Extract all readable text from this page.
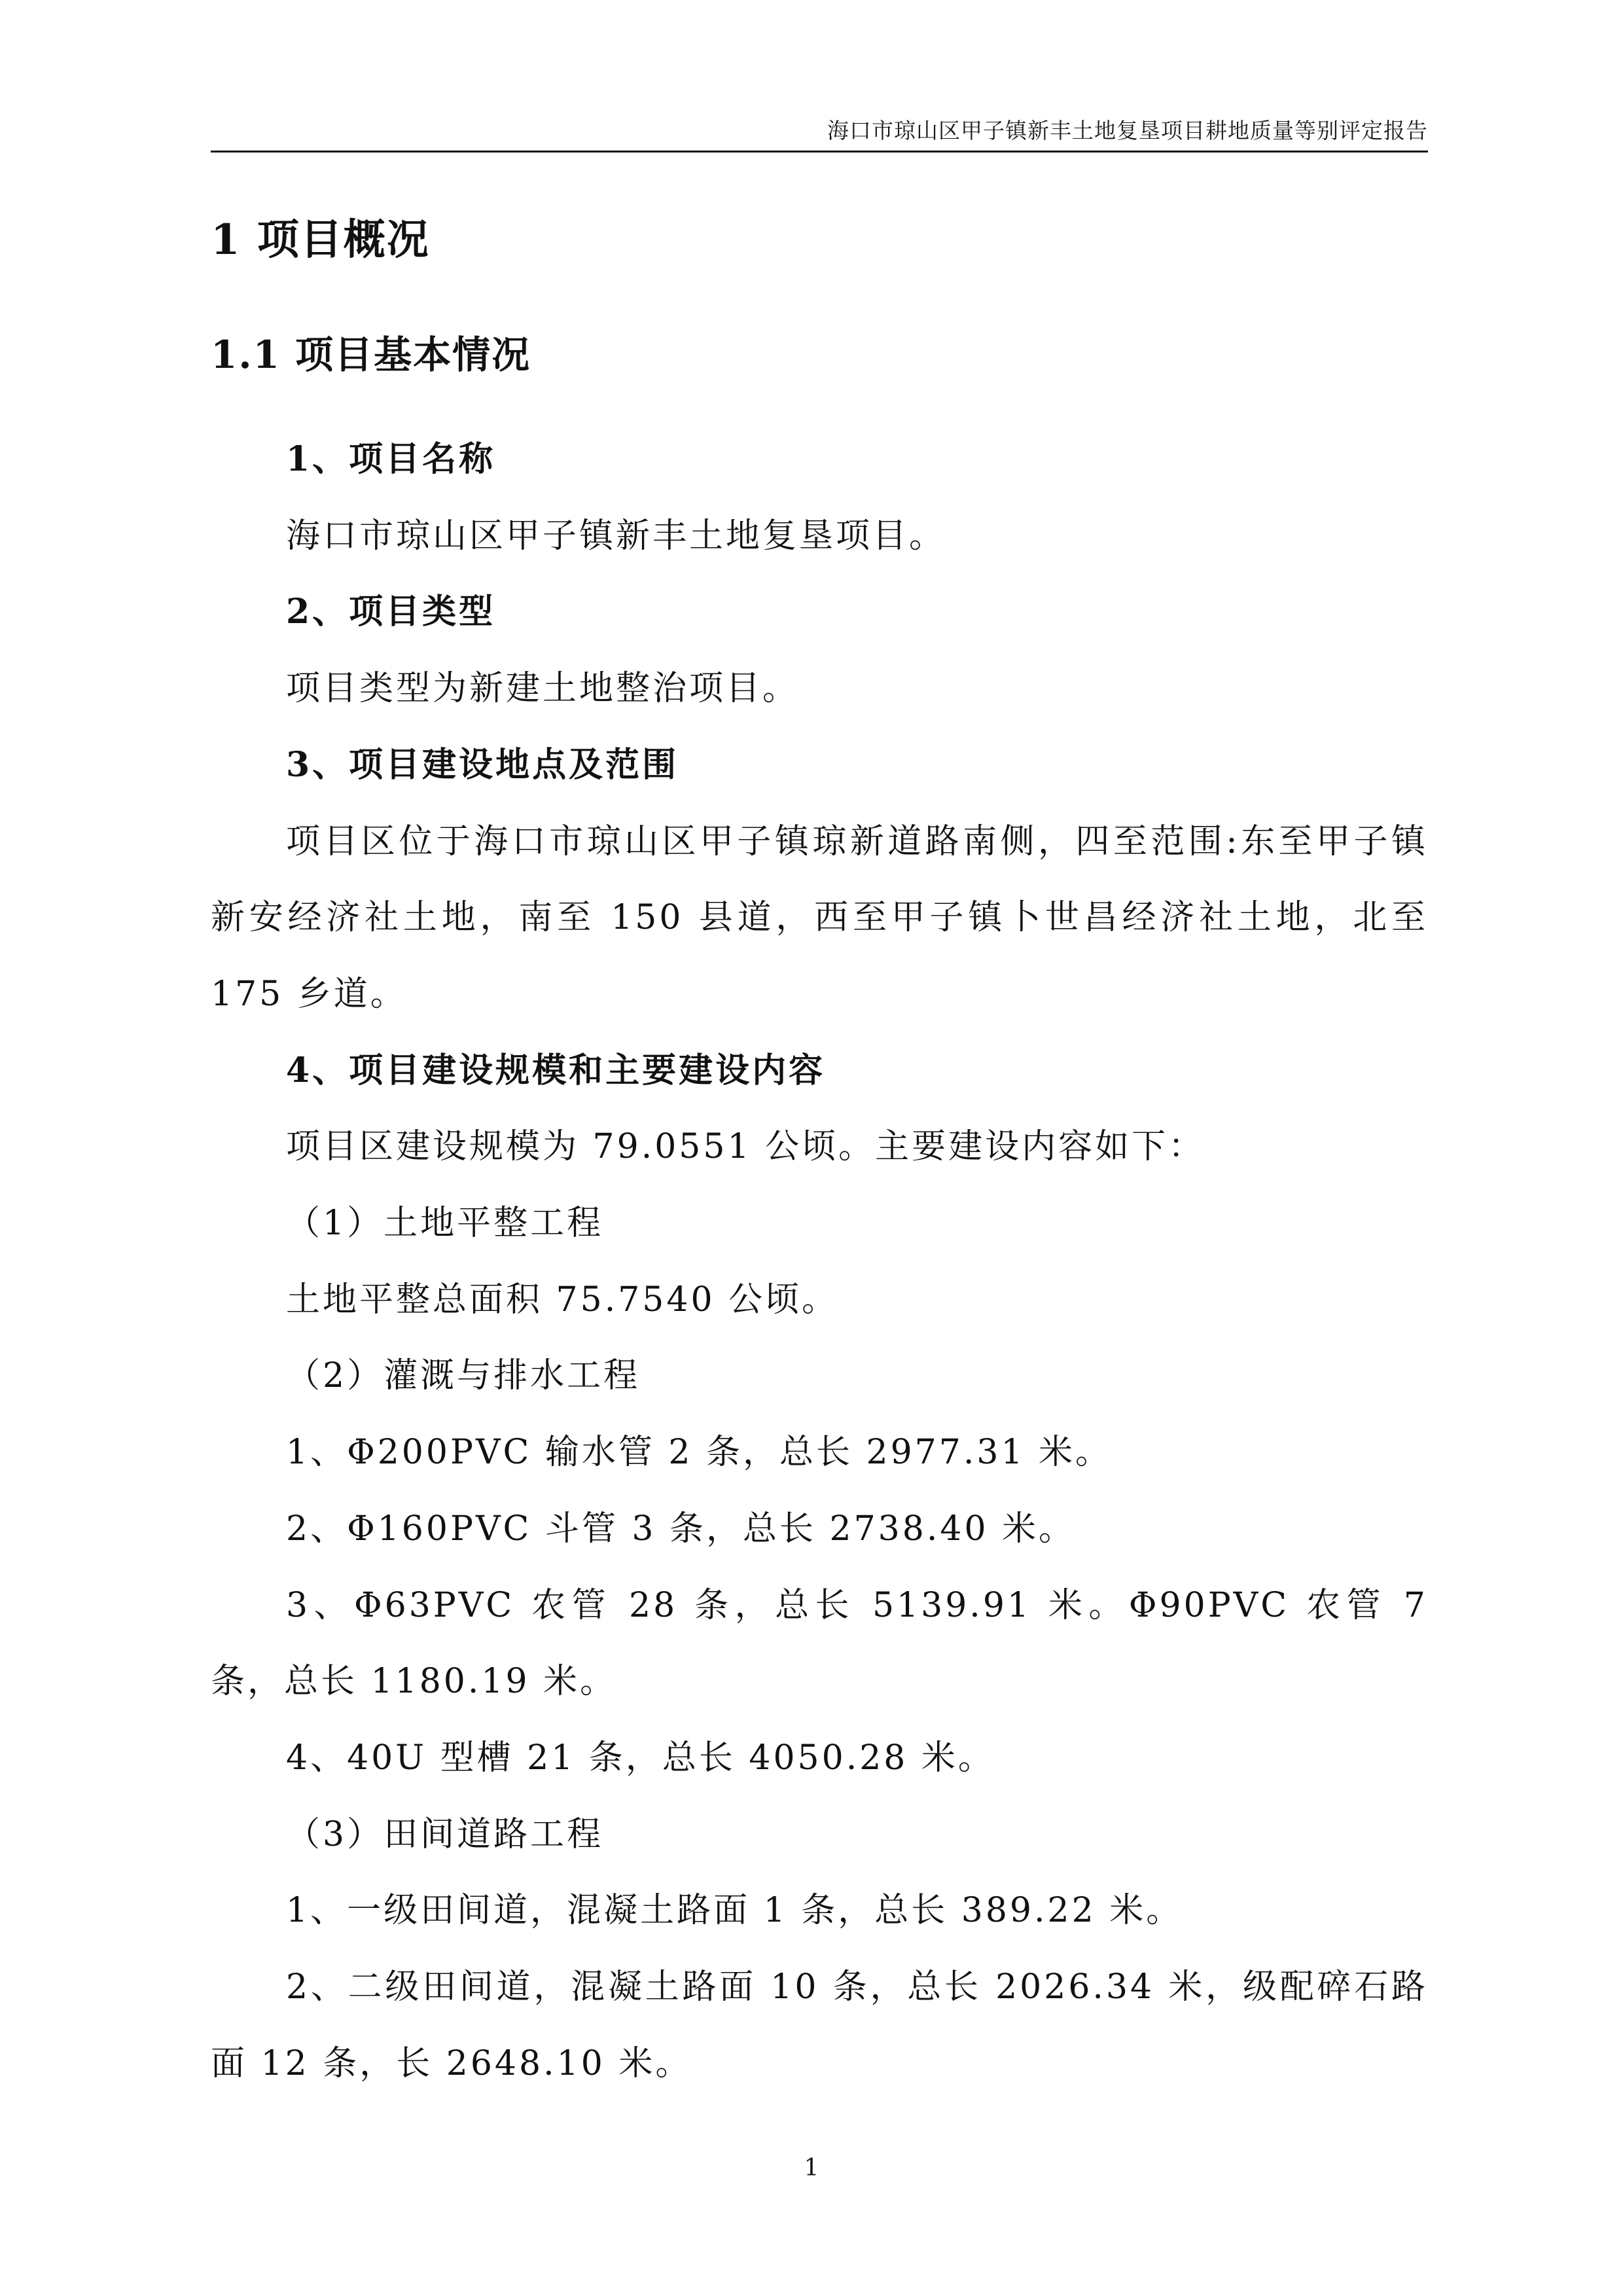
海口市琼山区甲子镇新丰土地复垦项目耕地质量等别评定报告
1 项目概况
1.1 项目基本情况

1、项目名称

海口市琼山区甲子镇新丰土地复垦项目。

2、项目类型

项目类型为新建土地整治项目。

3、项目建设地点及范围

项目区位于海口市琼山区甲子镇琼新道路南侧，四至范围:东至甲子镇新安经济社土地，南至 150 县道，西至甲子镇卜世昌经济社土地，北至 175 乡道。

4、项目建设规模和主要建设内容

项目区建设规模为 79.0551 公顷。主要建设内容如下：

（1）土地平整工程

土地平整总面积 75.7540 公顷。

（2）灌溉与排水工程

1、Φ200PVC 输水管 2 条，总长 2977.31 米。

2、Φ160PVC 斗管 3 条，总长 2738.40 米。

3、Φ63PVC 农管 28 条，总长 5139.91 米。Φ90PVC 农管 7 条，总长 1180.19 米。

4、40U 型槽 21 条，总长 4050.28 米。

（3）田间道路工程

1、一级田间道，混凝土路面 1 条，总长 389.22 米。

2、二级田间道，混凝土路面 10 条，总长 2026.34 米，级配碎石路面 12 条，长 2648.10 米。

1
